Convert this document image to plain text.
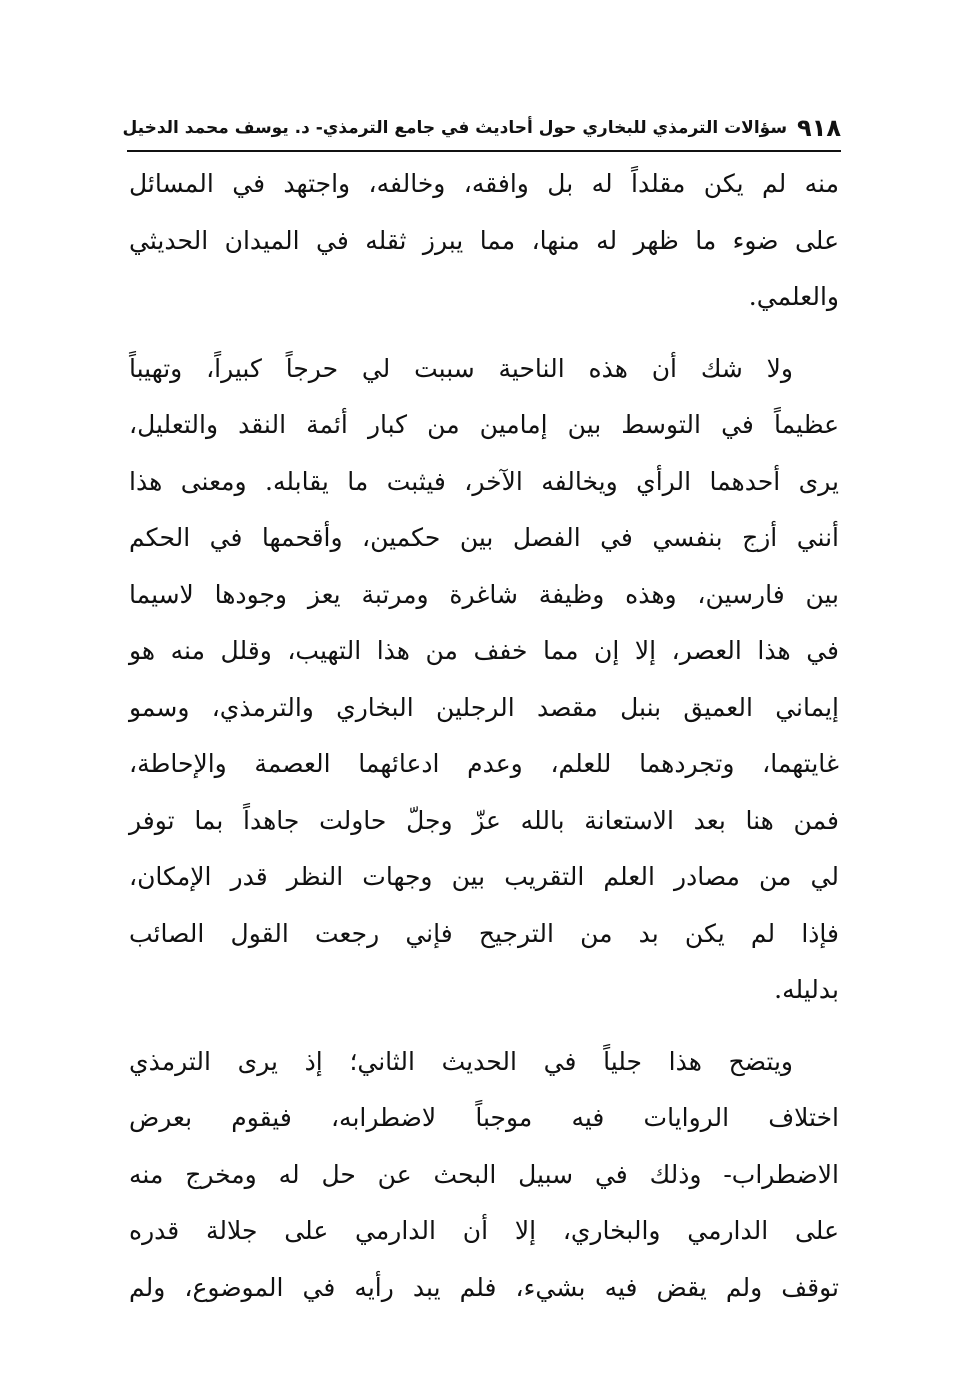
٩١٨
سؤالات الترمذي للبخاري حول أحاديث في جامع الترمذي- د. يوسف محمد الدخيل
منه لم يكن مقلداً له بل وافقه، وخالفه، واجتهد في المسائل
على ضوء ما ظهر له منها، مما يبرز ثقله في الميدان الحديثي
والعلمي.
ولا شك أن هذه الناحية سببت لي حرجاً كبيراً، وتهيباً
عظيماً في التوسط بين إمامين من كبار أئمة النقد والتعليل،
يرى أحدهما الرأي ويخالفه الآخر، فيثبت ما يقابله. ومعنى هذا
أنني أزج بنفسي في الفصل بين حكمين، وأقحمها في الحكم
بين فارسين، وهذه وظيفة شاغرة ومرتبة يعز وجودها لاسيما
في هذا العصر، إلا إن مما خفف من هذا التهيب، وقلل منه هو
إيماني العميق بنبل مقصد الرجلين البخاري والترمذي، وسمو
غايتهما، وتجردهما للعلم، وعدم ادعائهما العصمة والإحاطة،
فمن هنا بعد الاستعانة بالله عزّ وجلّ حاولت جاهداً بما توفر
لي من مصادر العلم التقريب بين وجهات النظر قدر الإمكان،
فإذا لم يكن بد من الترجيح فإني رجعت القول الصائب
بدليله.
ويتضح هذا جلياً في الحديث الثاني؛ إذ يرى الترمذي
اختلاف الروايات فيه موجباً لاضطرابه، فيقوم بعرض
الاضطراب- وذلك في سبيل البحث عن حل له ومخرج منه
على الدارمي والبخاري، إلا أن الدارمي على جلالة قدره
توقف ولم يقض فيه بشيء، فلم يبد رأيه في الموضوع، ولم
